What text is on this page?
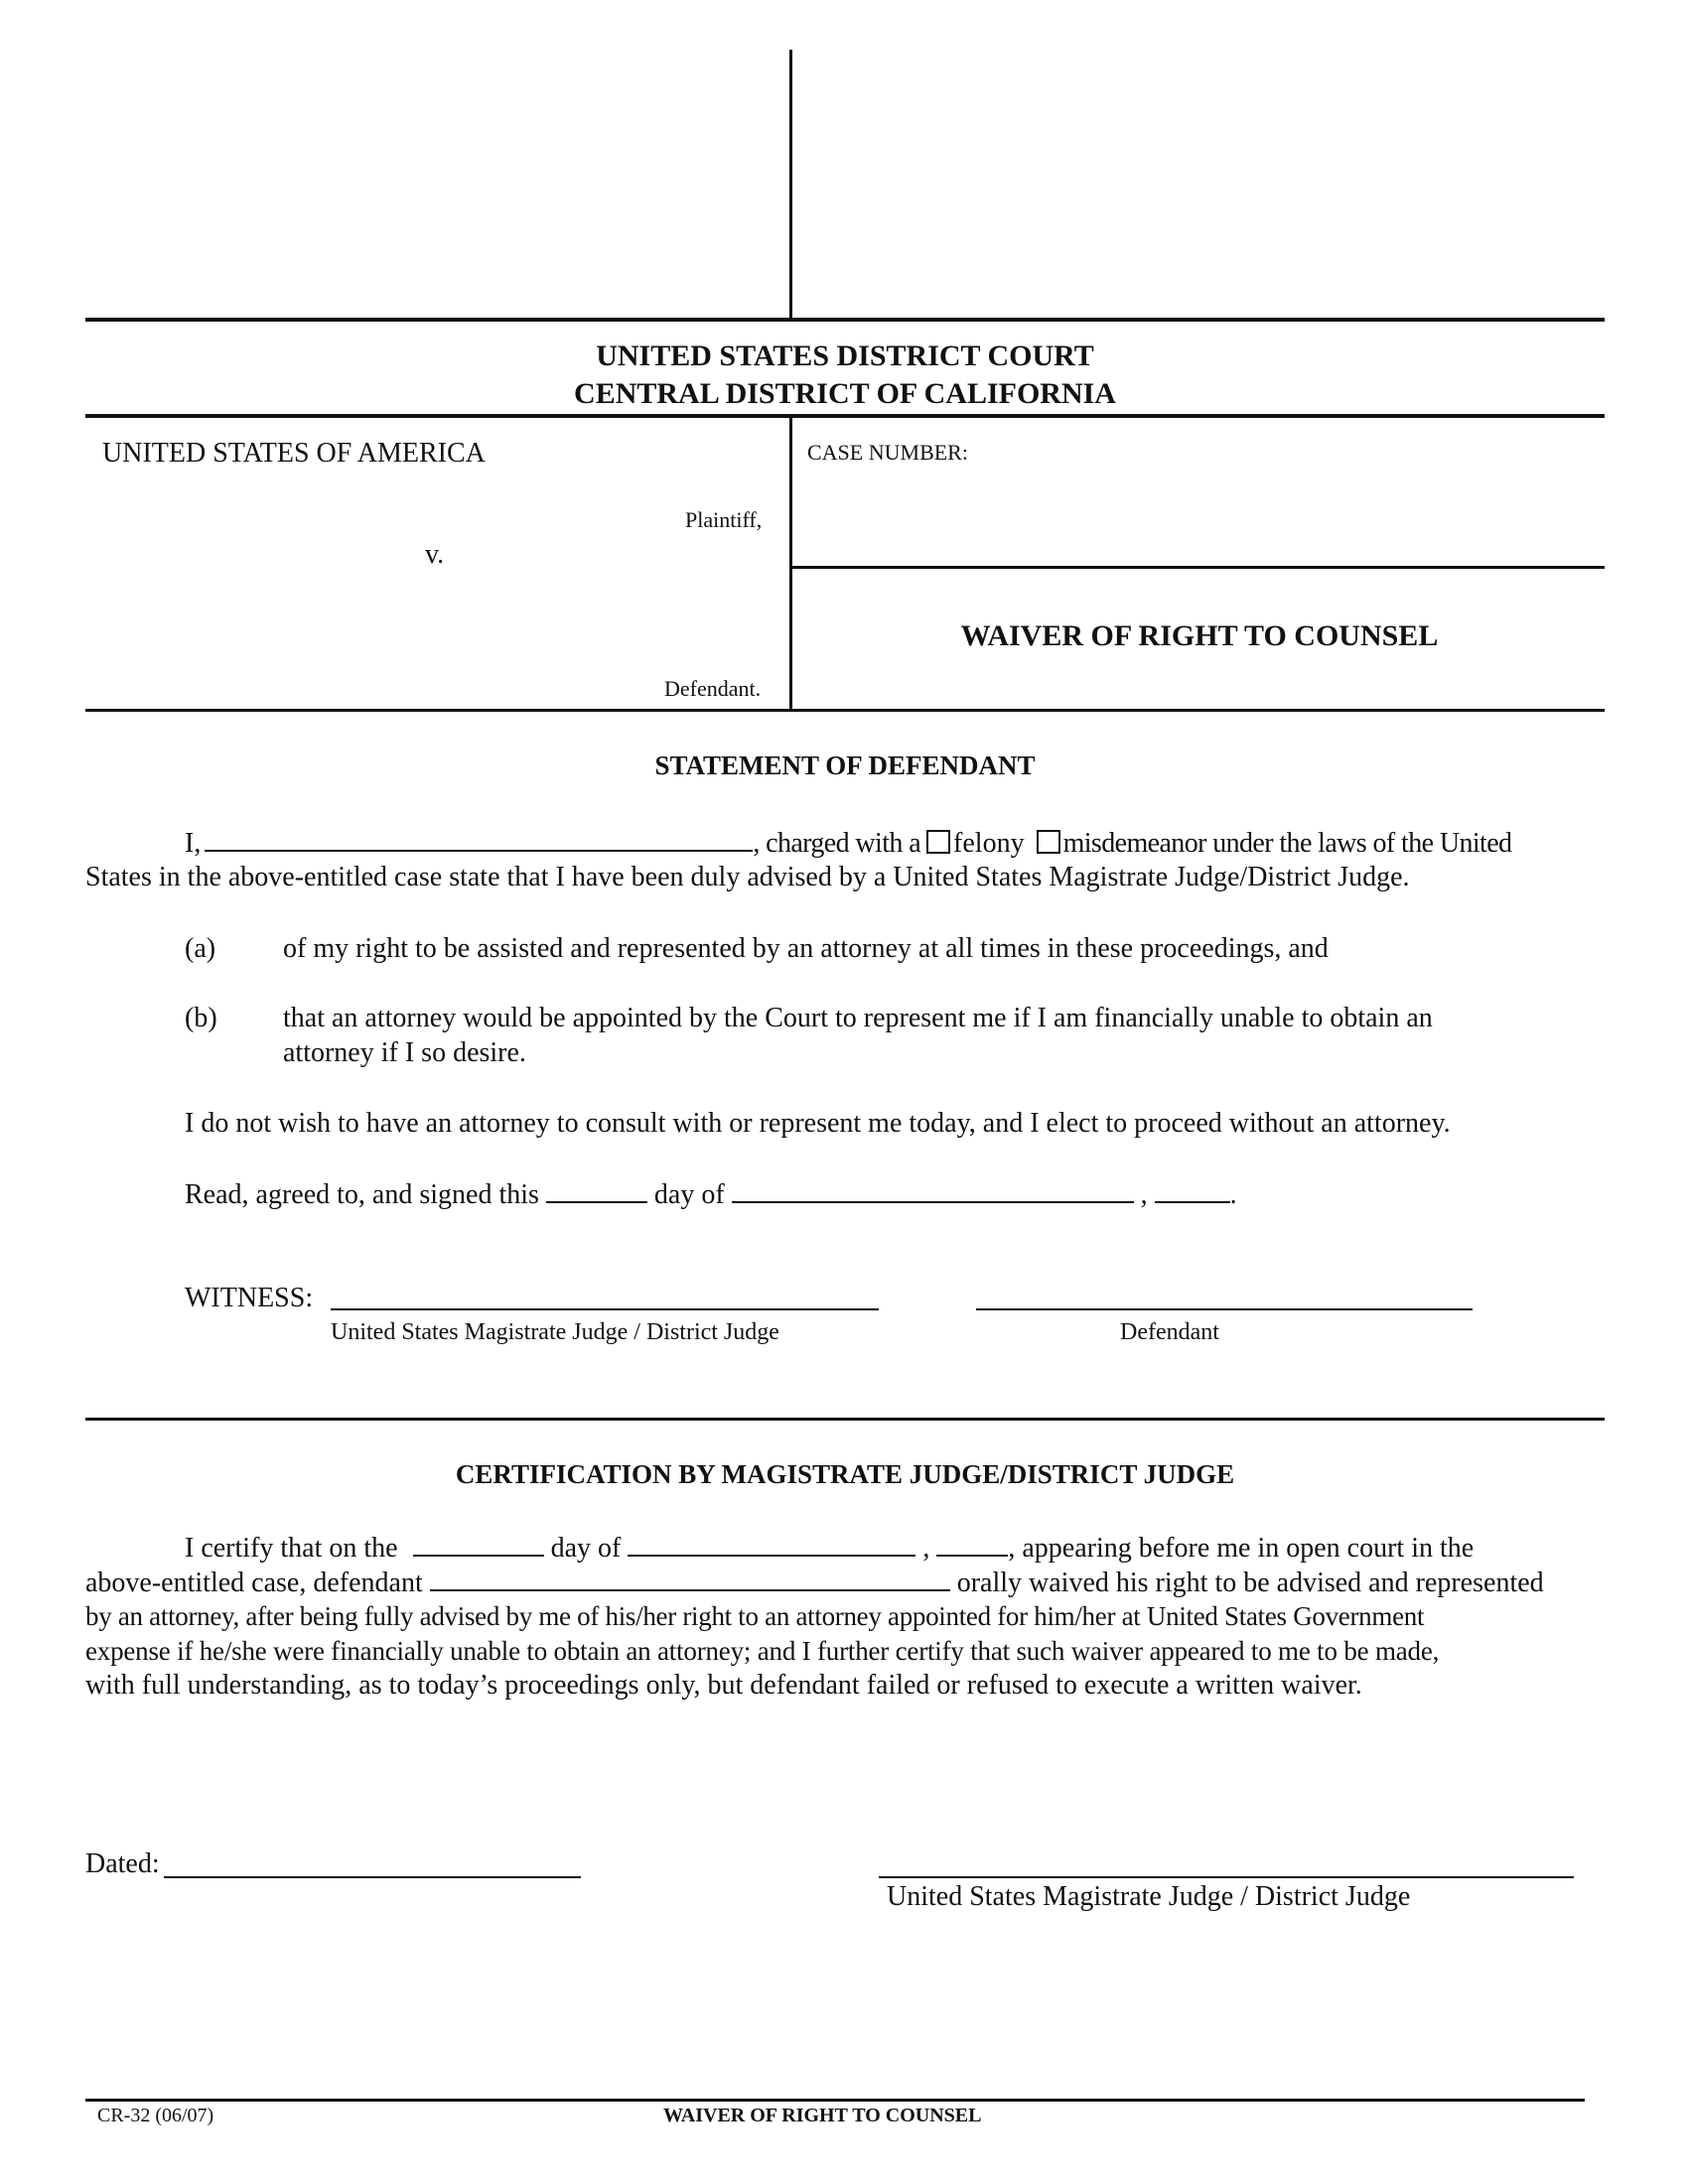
UNITED STATES DISTRICT COURT
CENTRAL DISTRICT OF CALIFORNIA
UNITED STATES OF AMERICA
Plaintiff,
v.
Defendant.
CASE NUMBER:
WAIVER OF RIGHT TO COUNSEL
STATEMENT OF DEFENDANT
I,	, charged with a felony misdemeanor under the laws of the United
States in the above-entitled case state that I have been duly advised by a United States Magistrate Judge/District Judge.
(a) of my right to be assisted and represented by an attorney at all times in these proceedings, and
(b) that an attorney would be appointed by the Court to represent me if I am financially unable to obtain an
attorney if I so desire.
I do not wish to have an attorney to consult with or represent me today, and I elect to proceed without an attorney.
Read, agreed to, and signed this	day of	,	.
WITNESS:
United States Magistrate Judge / District Judge	Defendant
CERTIFICATION BY MAGISTRATE JUDGE/DISTRICT JUDGE
I certify that on the	day of	,	, appearing before me in open court in the
above-entitled case, defendant	orally waived his right to be advised and represented
by an attorney, after being fully advised by me of his/her right to an attorney appointed for him/her at United States Government
expense if he/she were financially unable to obtain an attorney; and I further certify that such waiver appeared to me to be made,
with full understanding, as to today’s proceedings only, but defendant failed or refused to execute a written waiver.
Dated:
United States Magistrate Judge / District Judge
CR-32 (06/07)	WAIVER OF RIGHT TO COUNSEL
